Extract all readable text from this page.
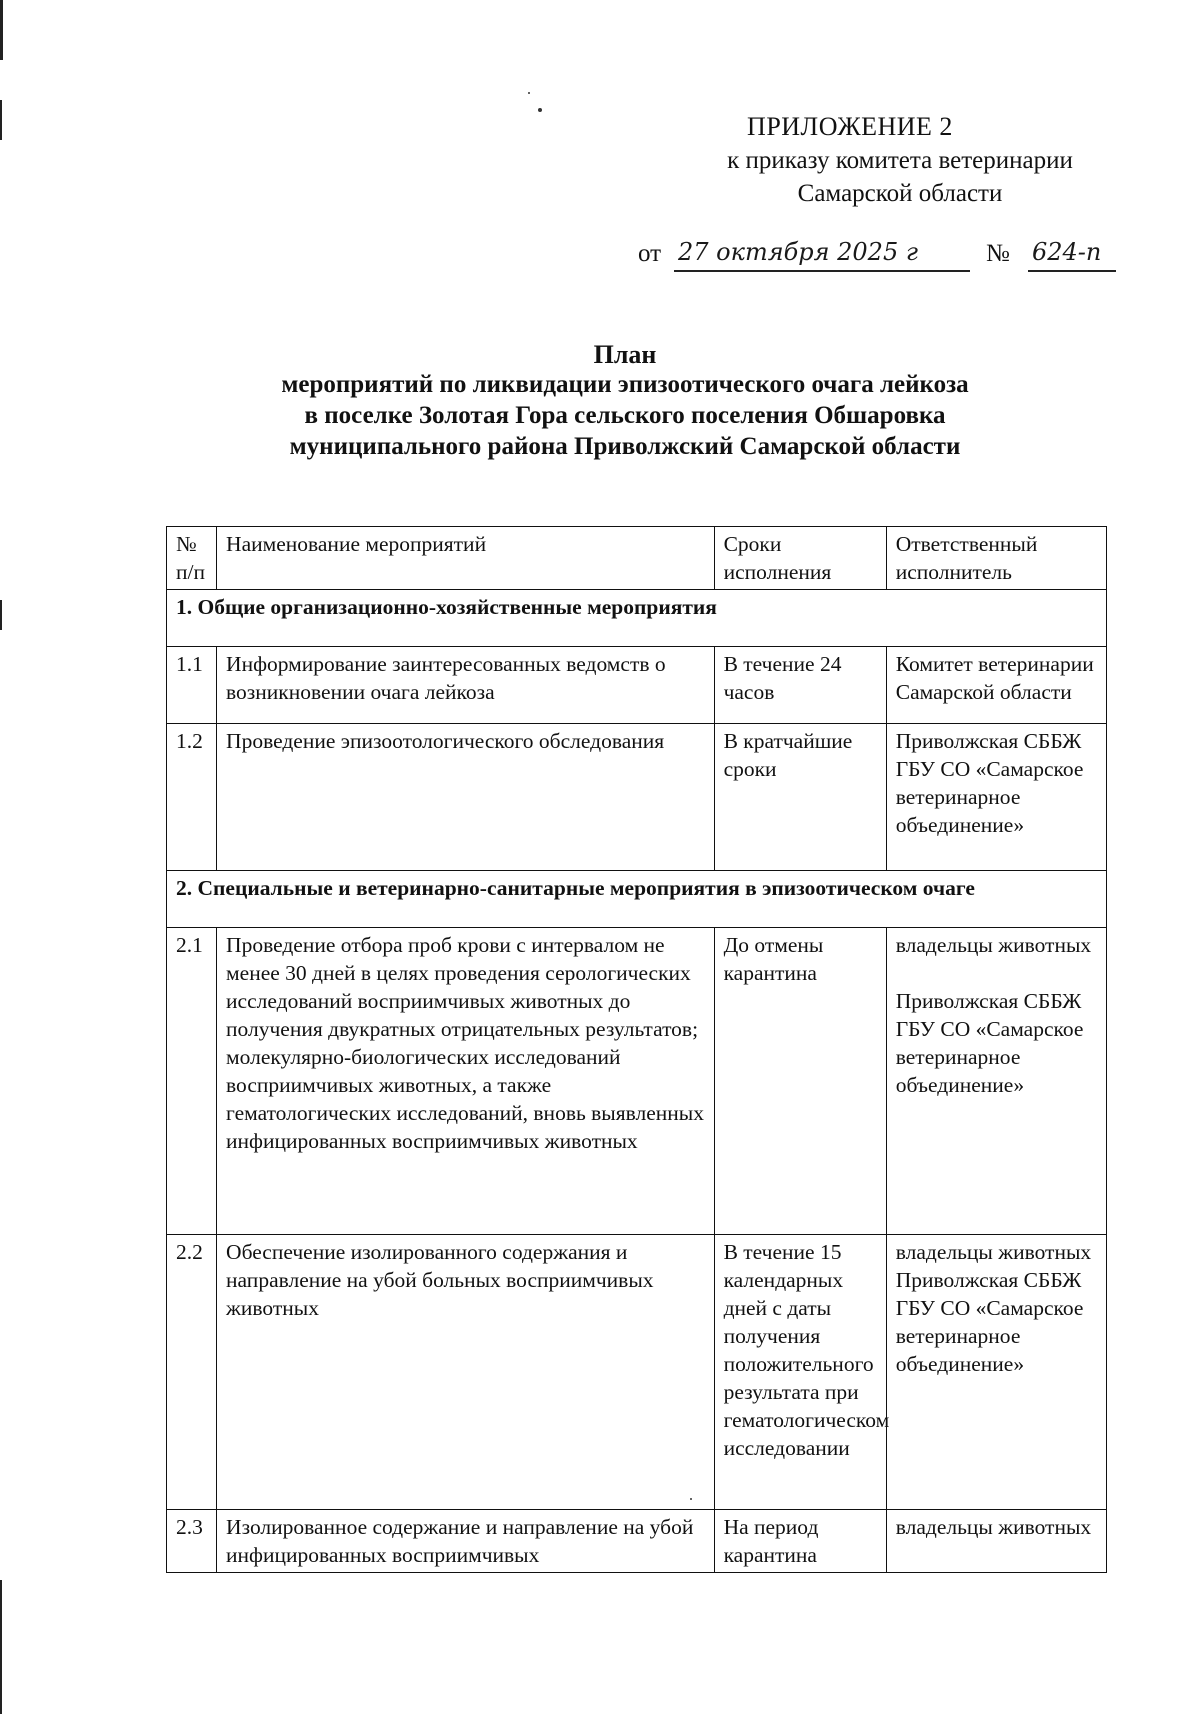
ПРИЛОЖЕНИЕ 2
к приказу комитета ветеринарии
Самарской области
от 27 октября 2025 г	№ 624-п
План
мероприятий по ликвидации эпизоотического очага лейкоза
в поселке Золотая Гора сельского поселения Обшаровка
муниципального района Приволжский Самарской области
№ п/п	Наименование мероприятий	Сроки исполнения	Ответственный исполнитель
1. Общие организационно-хозяйственные мероприятия			
1.1	Информирование заинтересованных ведомств о возникновении очага лейкоза	В течение 24 часов	Комитет ветеринарии Самарской области
1.2	Проведение эпизоотологического обследования	В кратчайшие сроки	Приволжская СББЖ ГБУ СО «Самарское ветеринарное объединение»
2. Специальные и ветеринарно-санитарные мероприятия в эпизоотическом очаге			
2.1	Проведение отбора проб крови с интервалом не менее 30 дней в целях проведения серологических исследований восприимчивых животных до получения двукратных отрицательных результатов; молекулярно-биологических исследований восприимчивых животных, а также гематологических исследований, вновь выявленных инфицированных восприимчивых животных	До отмены карантина	владельцы животных
Приволжская СББЖ ГБУ СО «Самарское ветеринарное объединение»
2.2	Обеспечение изолированного содержания и направление на убой больных восприимчивых животных	В течение 15 календарных дней с даты получения положительного результата при гематологическом исследовании	владельцы животных
Приволжская СББЖ ГБУ СО «Самарское ветеринарное объединение»
2.3	Изолированное содержание и направление на убой инфицированных восприимчивых	На период карантина	владельцы животных
